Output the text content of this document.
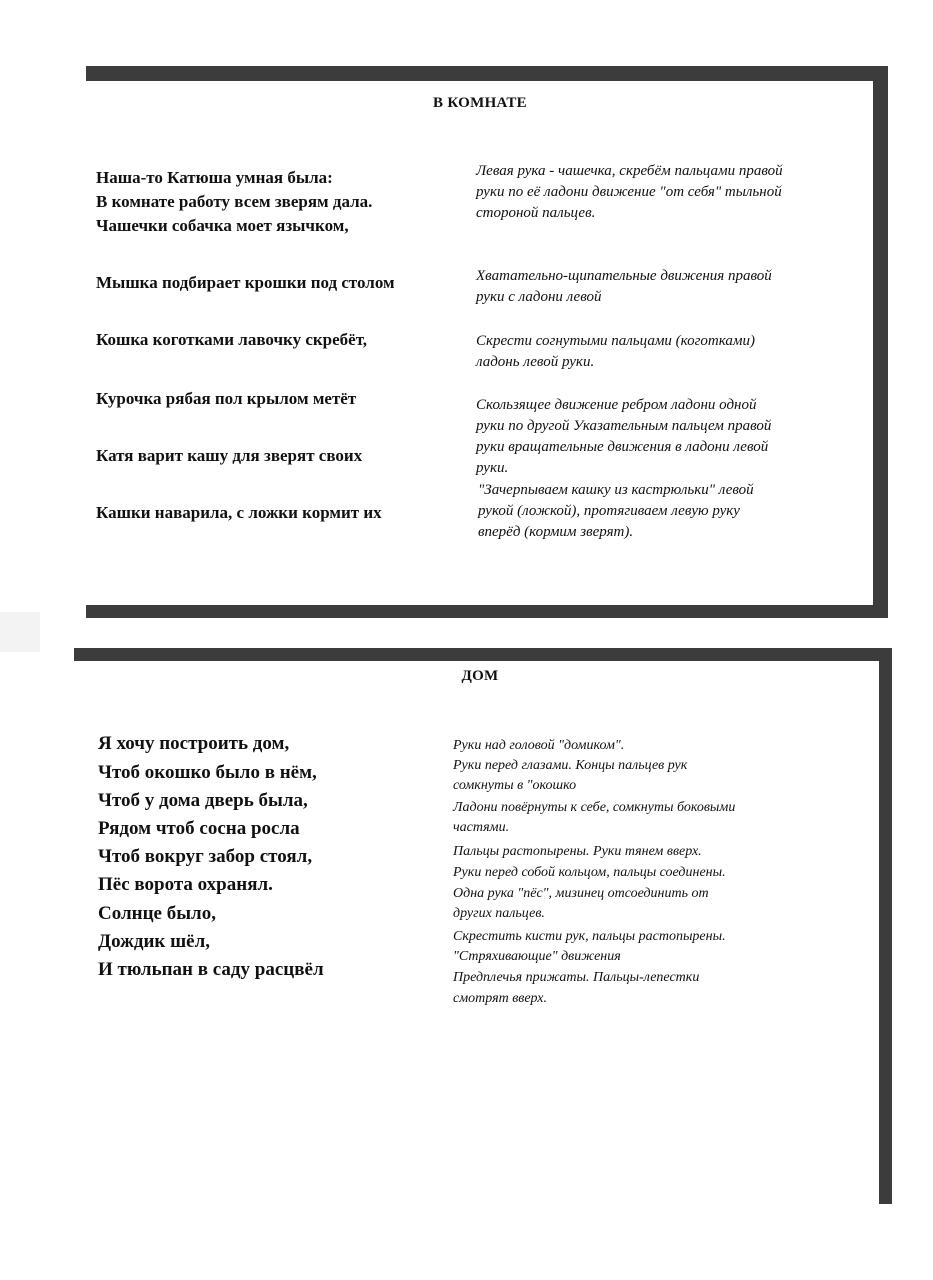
В КОМНАТЕ
Наша-то Катюша умная была:
В комнате работу всем зверям дала.
Чашечки собачка моет язычком,
Мышка подбирает крошки под столом
Кошка коготками лавочку скребёт,
Курочка рябая пол крылом метёт
Катя варит кашу для зверят своих
Кашки наварила, с ложки кормит их
Левая рука - чашечка, скребём пальцами правой
руки по её ладони движение "от себя" тыльной
стороной пальцев.
Хватательно-щипательные движения правой
руки с ладони левой
Скрести согнутыми пальцами (коготками)
ладонь левой руки.
Скользящее движение ребром ладони одной
руки по другой Указательным пальцем правой
руки вращательные движения в ладони левой
руки.
"Зачерпываем кашку из кастрюльки" левой
рукой (ложкой), протягиваем левую руку
вперёд (кормим зверят).
ДОМ
Я хочу построить дом,
Чтоб окошко было в нём,
Чтоб у дома дверь была,
Рядом чтоб сосна росла
Чтоб вокруг забор стоял,
Пёс ворота охранял.
Солнце было,
Дождик шёл,
И тюльпан в саду расцвёл
Руки над головой "домиком".
Руки перед глазами. Концы пальцев рук
сомкнуты в "окошко
Ладони повёрнуты к себе, сомкнуты боковыми
частями.
Пальцы растопырены. Руки тянем вверх.
Руки перед собой кольцом, пальцы соединены.
Одна рука "пёс", мизинец отсоединить от
других пальцев.
Скрестить кисти рук, пальцы растопырены.
"Стряхивающие" движения
Предплечья прижаты. Пальцы-лепестки
смотрят вверх.
